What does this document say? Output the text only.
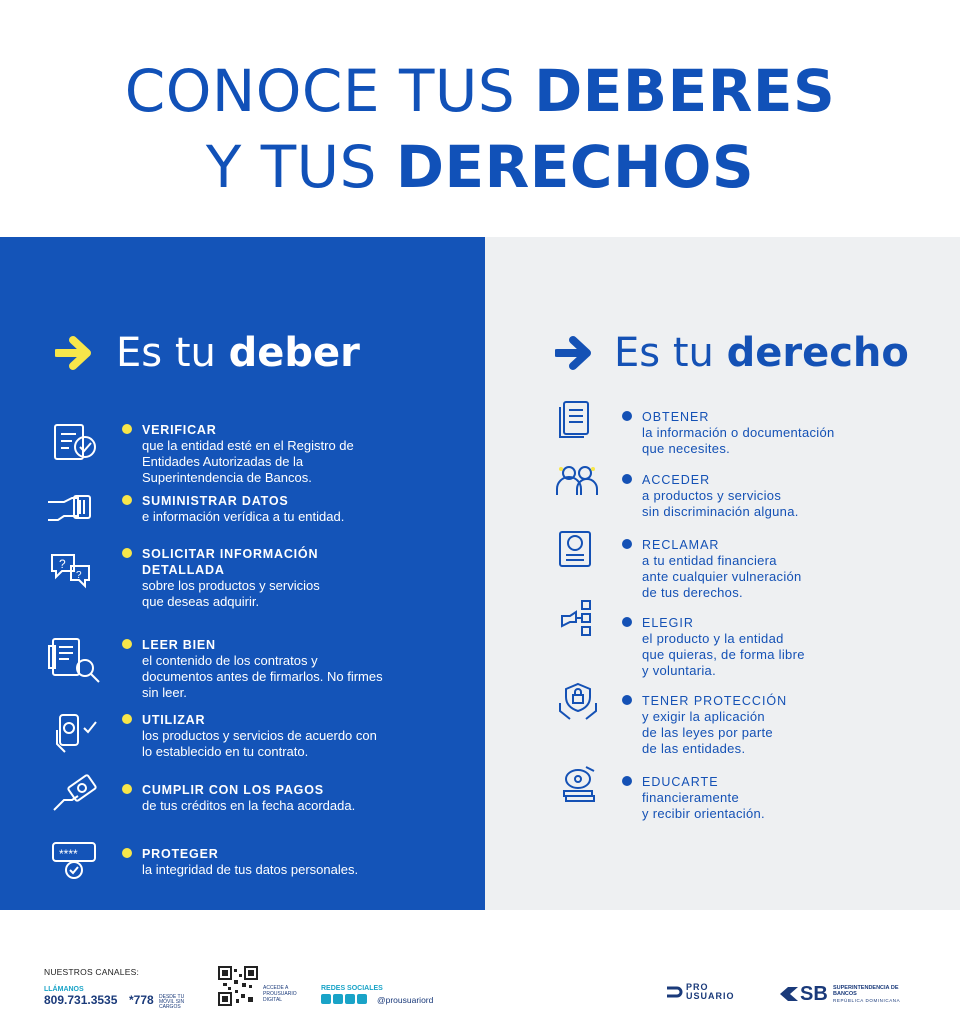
CONOCE TUS DEBERES
Y TUS DERECHOS
Es tu deber	Es tu derecho
?
?
****
VERIFICAR
que la entidad esté en el Registro de
Entidades Autorizadas de la
Superintendencia de Bancos.
SUMINISTRAR DATOS
e información verídica a tu entidad.
SOLICITAR INFORMACIÓN
DETALLADA
sobre los productos y servicios
que deseas adquirir.
LEER BIEN
el contenido de los contratos y
documentos antes de firmarlos. No firmes
sin leer.
UTILIZAR
los productos y servicios de acuerdo con
lo establecido en tu contrato.
CUMPLIR CON LOS PAGOS
de tus créditos en la fecha acordada.
PROTEGER
la integridad de tus datos personales.
OBTENER
la información o documentación
que necesites.
ACCEDER
a productos y servicios
sin discriminación alguna.
RECLAMAR
a tu entidad financiera
ante cualquier vulneración
de tus derechos.
ELEGIR
el producto y la entidad
que quieras, de forma libre
y voluntaria.
TENER PROTECCIÓN
y exigir la aplicación
de las leyes por parte
de las entidades.
EDUCARTE
financieramente
y recibir orientación.
NUESTROS CANALES:
LLÁMANOS
809.731.3535 *778 DESDE TU MÓVIL SIN CARGOS
ACCEDE A PROUSUARIO DIGITAL
REDES SOCIALES
@prousuariord
PRO
USUARIO	SB SUPERINTENDENCIA DE BANCOS
REPÚBLICA DOMINICANA
